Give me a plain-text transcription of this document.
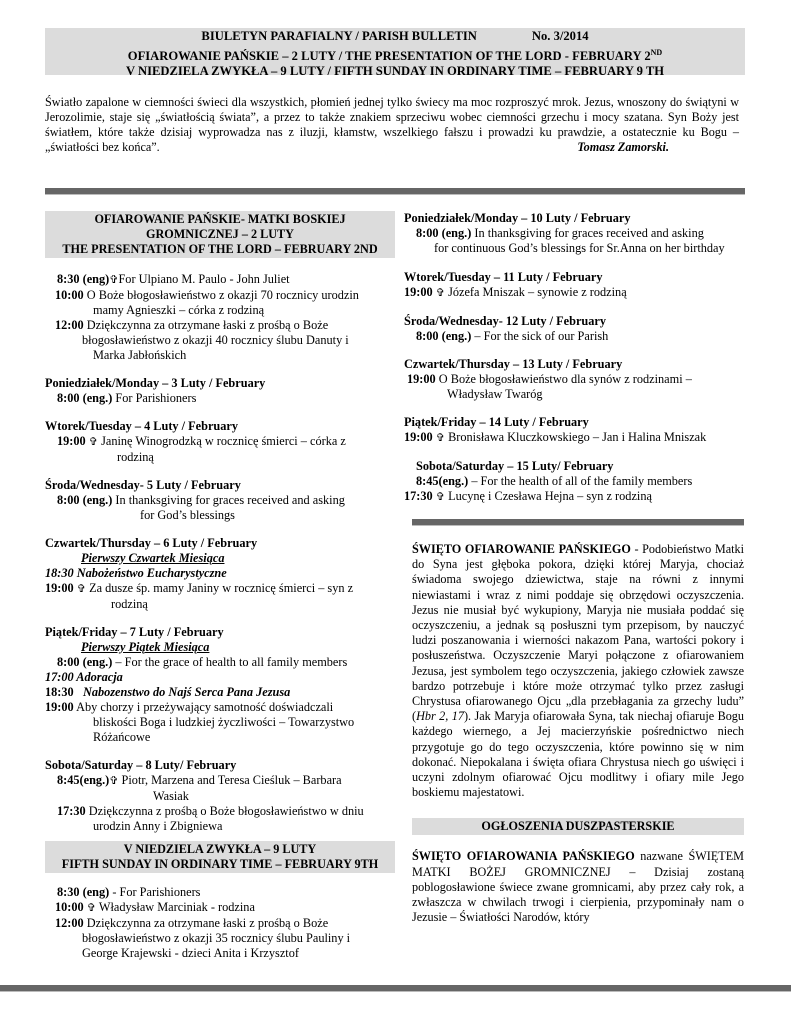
BIULETYN PARAFIALNY / PARISH BULLETIN	No. 3/2014
OFIAROWANIE PAŃSKIE – 2 LUTY / THE PRESENTATION OF THE LORD - FEBRUARY 2ND
V NIEDZIELA ZWYKŁA – 9 LUTY / FIFTH SUNDAY IN ORDINARY TIME – FEBRUARY 9 TH
Światło zapalone w ciemności świeci dla wszystkich, płomień jednej tylko świecy ma moc rozproszyć mrok. Jezus, wnoszony do świątyni w Jerozolimie, staje się „światłością świata”, a przez to także znakiem sprzeciwu wobec ciemności grzechu i mocy szatana. Syn Boży jest światłem, które także dzisiaj wyprowadza nas z iluzji, kłamstw, wszelkiego fałszu i prowadzi ku prawdzie, a ostatecznie ku Bogu – „światłości bez końca”.	Tomasz Zamorski.
OFIAROWANIE PAŃSKIE- MATKI BOSKIEJ
GROMNICZNEJ – 2 LUTY
THE PRESENTATION OF THE LORD – FEBRUARY 2ND
8:30 (eng)✞For Ulpiano M. Paulo - John Juliet
10:00 O Boże błogosławieństwo z okazji 70 rocznicy urodzin
mamy Agnieszki – córka z rodziną
12:00 Dziękczynna za otrzymane łaski z prośbą o Boże
błogosławieństwo z okazji 40 rocznicy ślubu Danuty i
Marka Jabłońskich
Poniedziałek/Monday – 3 Luty / February
8:00 (eng.) For Parishioners
Wtorek/Tuesday – 4 Luty / February
19:00 ✞ Janinę Winogrodzką w rocznicę śmierci – córka z
rodziną
Środa/Wednesday- 5 Luty / February
8:00 (eng.) In thanksgiving for graces received and asking
for God’s blessings
Czwartek/Thursday – 6 Luty / February
Pierwszy Czwartek Miesiąca
18:30 Nabożeństwo Eucharystyczne
19:00 ✞ Za dusze śp. mamy Janiny w rocznicę śmierci – syn z
rodziną
Piątek/Friday – 7 Luty / February
Pierwszy Piątek Miesiąca
8:00 (eng.) – For the grace of health to all family members
17:00 Adoracja
18:30 Nabozenstwo do Najś Serca Pana Jezusa
19:00 Aby chorzy i przeżywający samotność doświadczali
bliskości Boga i ludzkiej życzliwości – Towarzystwo
Różańcowe
Sobota/Saturday – 8 Luty/ February
8:45(eng.)✞ Piotr, Marzena and Teresa Cieśluk – Barbara
Wasiak
17:30 Dziękczynna z prośbą o Boże błogosławieństwo w dniu
urodzin Anny i Zbigniewa
V NIEDZIELA ZWYKŁA – 9 LUTY
FIFTH SUNDAY IN ORDINARY TIME – FEBRUARY 9TH
8:30 (eng) - For Parishioners
10:00 ✞ Władysław Marciniak - rodzina
12:00 Dziękczynna za otrzymane łaski z prośbą o Boże
błogosławieństwo z okazji 35 rocznicy ślubu Pauliny i
George Krajewski - dzieci Anita i Krzysztof
Poniedziałek/Monday – 10 Luty / February
8:00 (eng.) In thanksgiving for graces received and asking
for continuous God’s blessings for Sr.Anna on her birthday
Wtorek/Tuesday – 11 Luty / February
19:00 ✞ Józefa Mniszak – synowie z rodziną
Środa/Wednesday- 12 Luty / February
8:00 (eng.) – For the sick of our Parish
Czwartek/Thursday – 13 Luty / February
19:00 O Boże błogosławieństwo dla synów z rodzinami –
Władysław Twaróg
Piątek/Friday – 14 Luty / February
19:00 ✞ Bronisława Kluczkowskiego – Jan i Halina Mniszak
Sobota/Saturday – 15 Luty/ February
8:45(eng.) – For the health of all of the family members
17:30 ✞ Lucynę i Czesława Hejna – syn z rodziną
ŚWIĘTO OFIAROWANIE PAŃSKIEGO - Podobieństwo Matki do Syna jest głęboka pokora, dzięki której Maryja, chociaż świadoma swojego dziewictwa, staje na równi z innymi niewiastami i wraz z nimi poddaje się obrzędowi oczyszczenia. Jezus nie musiał być wykupiony, Maryja nie musiała poddać się oczyszczeniu, a jednak są posłuszni tym przepisom, by nauczyć ludzi poszanowania i wierności nakazom Pana, wartości pokory i posłuszeństwa. Oczyszczenie Maryi połączone z ofiarowaniem Jezusa, jest symbolem tego oczyszczenia, jakiego człowiek zawsze bardzo potrzebuje i które może otrzymać tylko przez zasługi Chrystusa ofiarowanego Ojcu „dla przebłagania za grzechy ludu” (Hbr 2, 17). Jak Maryja ofiarowała Syna, tak niechaj ofiaruje Bogu każdego wiernego, a Jej macierzyńskie pośrednictwo niech przygotuje go do tego oczyszczenia, które powinno się w nim dokonać. Niepokalana i święta ofiara Chrystusa niech go uświęci i uczyni zdolnym ofiarować Ojcu modlitwy i ofiary mile Jego boskiemu majestatowi.
OGŁOSZENIA DUSZPASTERSKIE
ŚWIĘTO OFIAROWANIA PAŃSKIEGO nazwane ŚWIĘTEM MATKI BOŻEJ GROMNICZNEJ – Dzisiaj zostaną poblogosławione świece zwane gromnicami, aby przez cały rok, a zwłaszcza w chwilach trwogi i cierpienia, przypominały nam o Jezusie – Światłości Narodów, który
